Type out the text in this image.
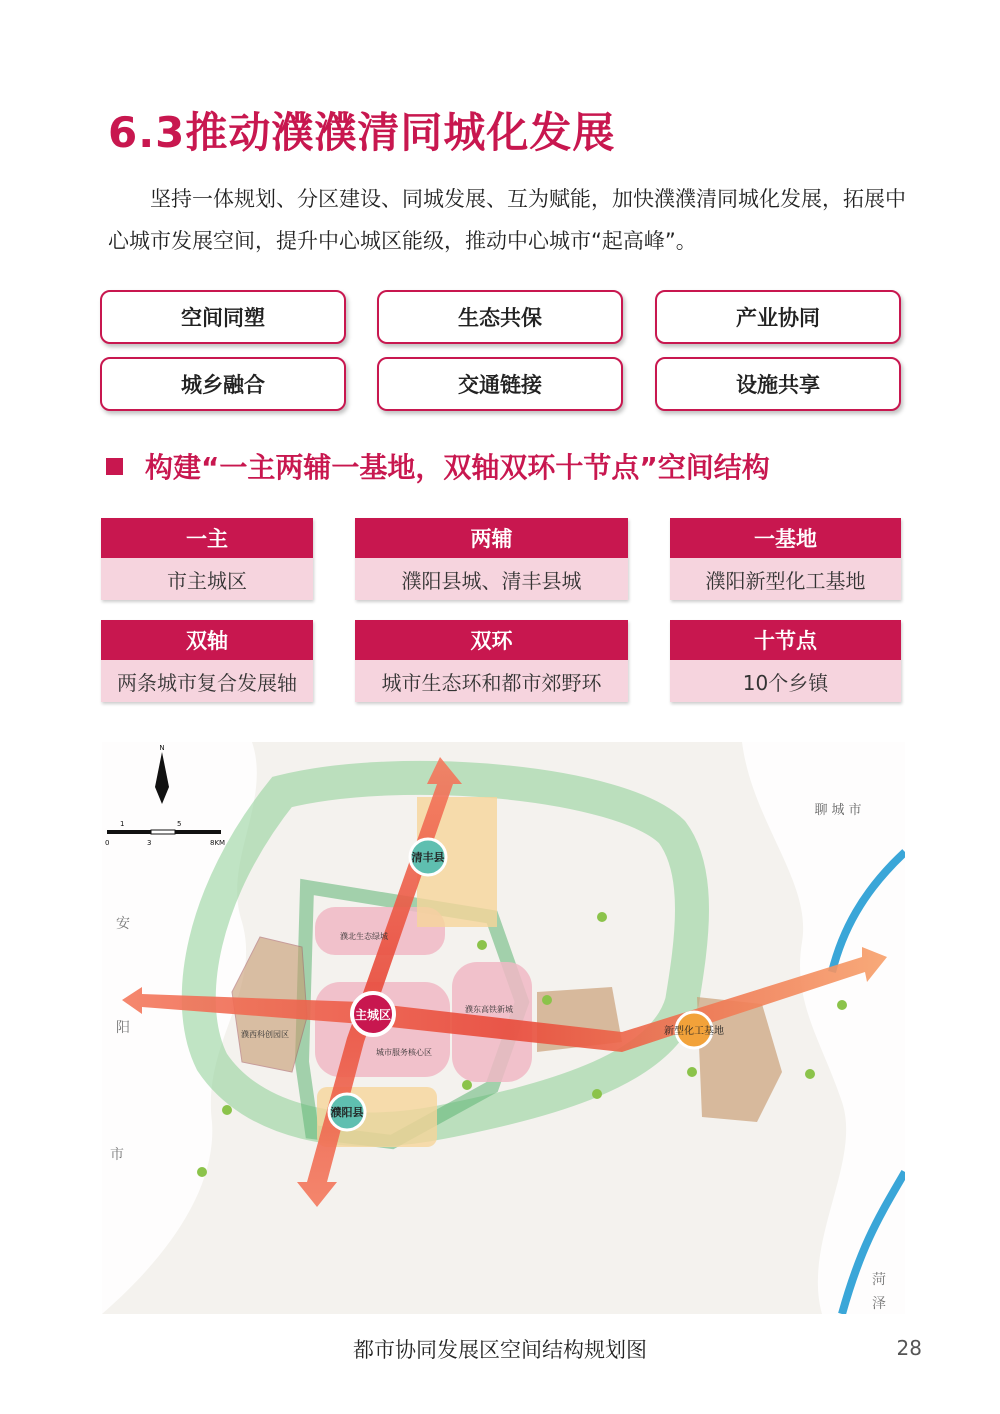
6.3推动濮濮清同城化发展
坚持一体规划、分区建设、同城发展、互为赋能，加快濮濮清同城化发展，拓展中心城市发展空间，提升中心城区能级，推动中心城市“起高峰”。
空间同塑	生态共保	产业协同
城乡融合	交通链接	设施共享
构建“一主两辅一基地，双轴双环十节点”空间结构
一主
市主城区
两辅
濮阳县城、清丰县城
一基地
濮阳新型化工基地
双轴
两条城市复合发展轴
双环
城市生态环和都市郊野环
十节点
10个乡镇
清丰县
主城区
濮阳县
新型化工基地
濮北生态绿城
濮东高铁新城
濮西科创园区
城市服务核心区
聊城市
安
阳
市
菏
泽
N
1	5
0	3	8KM
都市协同发展区空间结构规划图	28
